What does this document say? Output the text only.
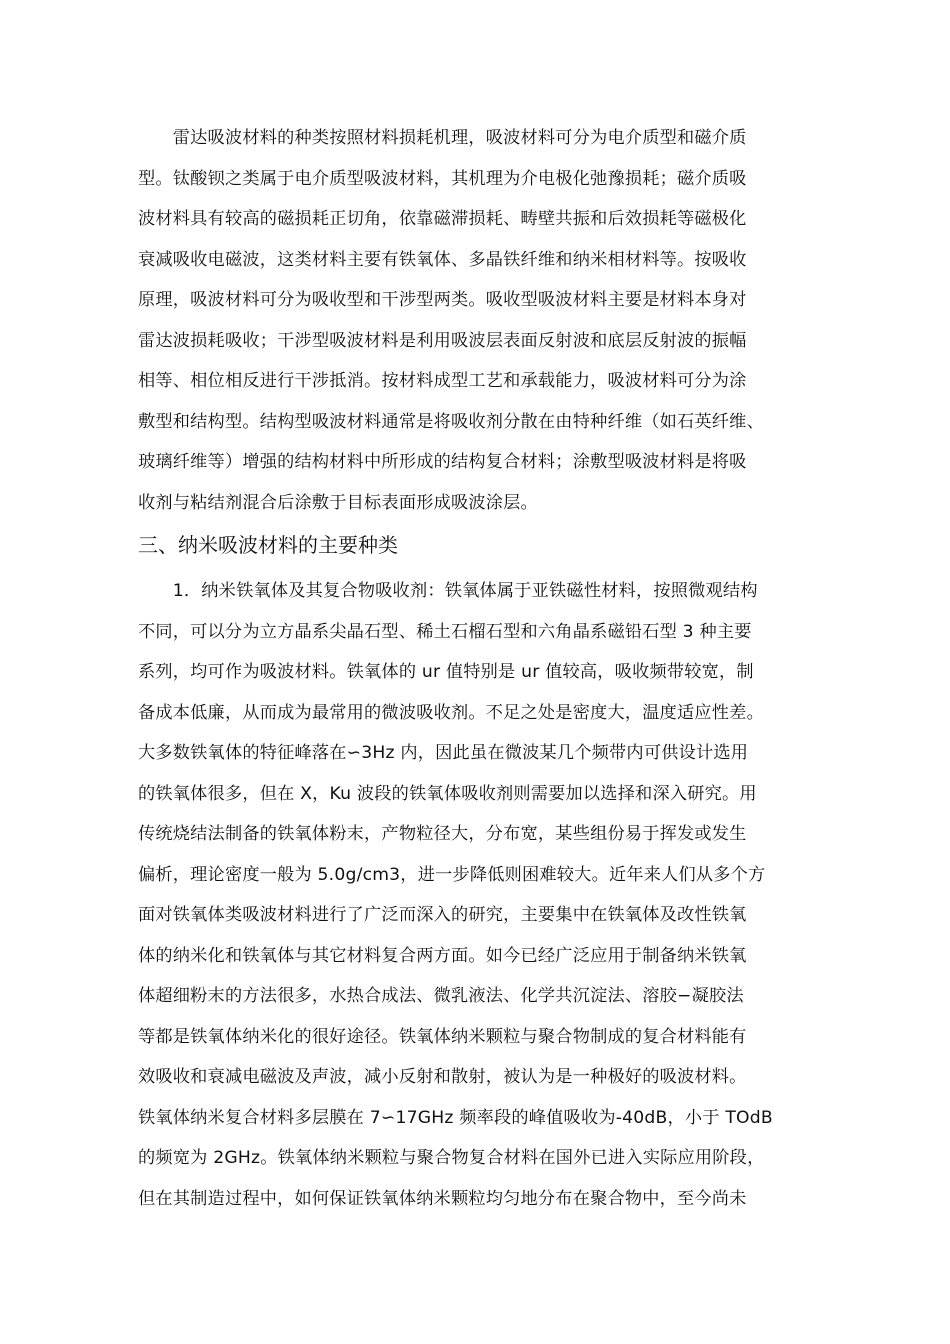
　　雷达吸波材料的种类按照材料损耗机理，吸波材料可分为电介质型和磁介质
型。钛酸钡之类属于电介质型吸波材料，其机理为介电极化弛豫损耗；磁介质吸
波材料具有较高的磁损耗正切角，依靠磁滞损耗、畴壁共振和后效损耗等磁极化
衰减吸收电磁波，这类材料主要有铁氧体、多晶铁纤维和纳米相材料等。按吸收
原理，吸波材料可分为吸收型和干涉型两类。吸收型吸波材料主要是材料本身对
雷达波损耗吸收；干涉型吸波材料是利用吸波层表面反射波和底层反射波的振幅
相等、相位相反进行干涉抵消。按材料成型工艺和承载能力，吸波材料可分为涂
敷型和结构型。结构型吸波材料通常是将吸收剂分散在由特种纤维（如石英纤维、
玻璃纤维等）增强的结构材料中所形成的结构复合材料；涂敷型吸波材料是将吸
收剂与粘结剂混合后涂敷于目标表面形成吸波涂层。
三、纳米吸波材料的主要种类
　　1．纳米铁氧体及其复合物吸收剂：铁氧体属于亚铁磁性材料，按照微观结构
不同，可以分为立方晶系尖晶石型、稀土石榴石型和六角晶系磁铅石型 3 种主要
系列，均可作为吸波材料。铁氧体的 ur 值特别是 ur 值较高，吸收频带较宽，制
备成本低廉，从而成为最常用的微波吸收剂。不足之处是密度大，温度适应性差。
大多数铁氧体的特征峰落在∽3Hz 内，因此虽在微波某几个频带内可供设计选用
的铁氧体很多，但在 X，Ku 波段的铁氧体吸收剂则需要加以选择和深入研究。用
传统烧结法制备的铁氧体粉末，产物粒径大，分布宽，某些组份易于挥发或发生
偏析，理论密度一般为 5.0g/cm3，进一步降低则困难较大。近年来人们从多个方
面对铁氧体类吸波材料进行了广泛而深入的研究，主要集中在铁氧体及改性铁氧
体的纳米化和铁氧体与其它材料复合两方面。如今已经广泛应用于制备纳米铁氧
体超细粉末的方法很多，水热合成法、微乳液法、化学共沉淀法、溶胶−凝胶法
等都是铁氧体纳米化的很好途径。铁氧体纳米颗粒与聚合物制成的复合材料能有
效吸收和衰减电磁波及声波，减小反射和散射，被认为是一种极好的吸波材料。
铁氧体纳米复合材料多层膜在 7∽17GHz 频率段的峰值吸收为-40dB，小于 TOdB
的频宽为 2GHz。铁氧体纳米颗粒与聚合物复合材料在国外已进入实际应用阶段，
但在其制造过程中，如何保证铁氧体纳米颗粒均匀地分布在聚合物中，至今尚未
